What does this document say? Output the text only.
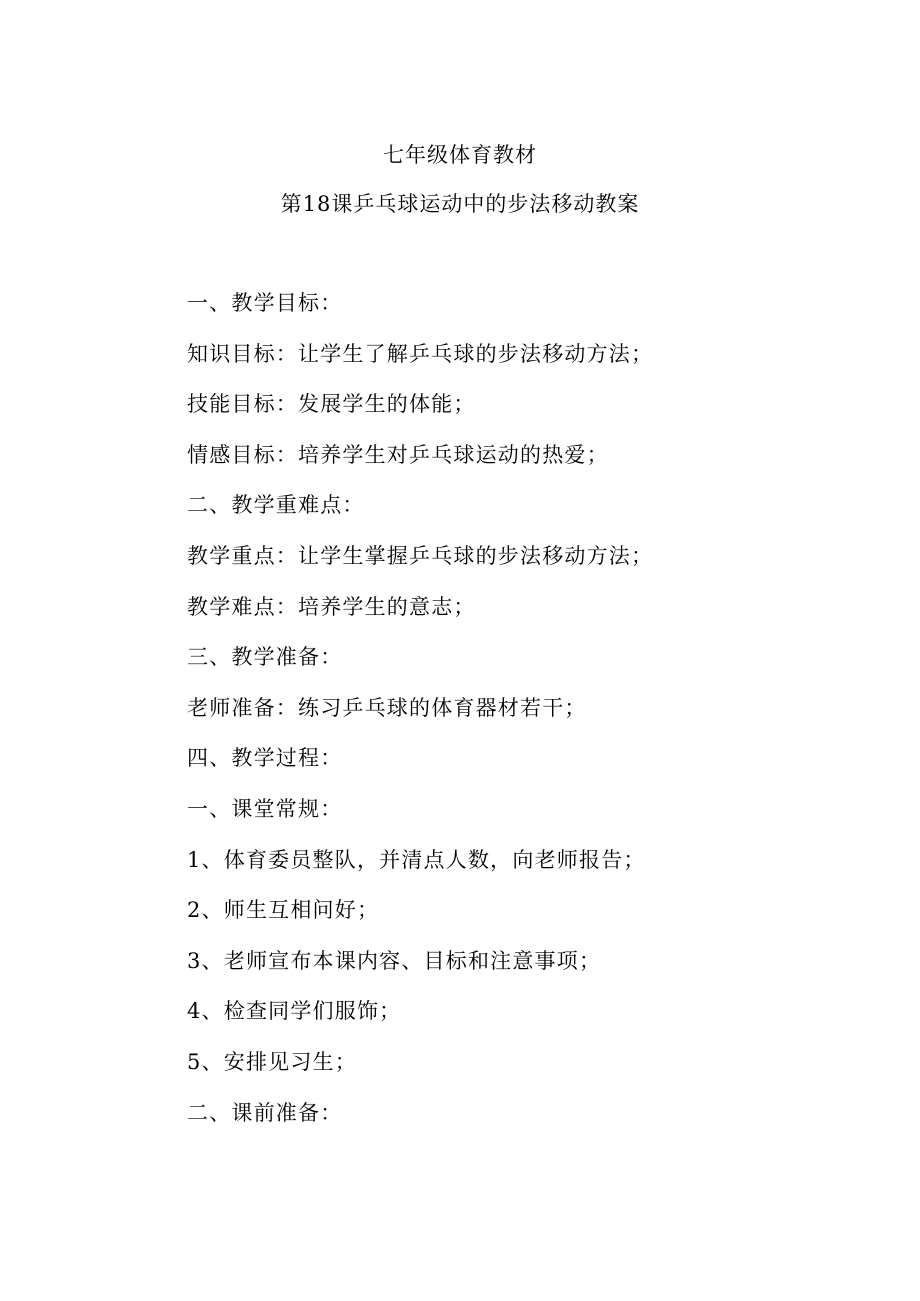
七年级体育教材
第18课乒乓球运动中的步法移动教案
一、教学目标：
知识目标：让学生了解乒乓球的步法移动方法；
技能目标：发展学生的体能；
情感目标：培养学生对乒乓球运动的热爱；
二、教学重难点：
教学重点：让学生掌握乒乓球的步法移动方法；
教学难点：培养学生的意志；
三、教学准备：
老师准备：练习乒乓球的体育器材若干；
四、教学过程：
一、课堂常规：
1、体育委员整队，并清点人数，向老师报告；
2、师生互相问好；
3、老师宣布本课内容、目标和注意事项；
4、检查同学们服饰；
5、安排见习生；
二、课前准备：
